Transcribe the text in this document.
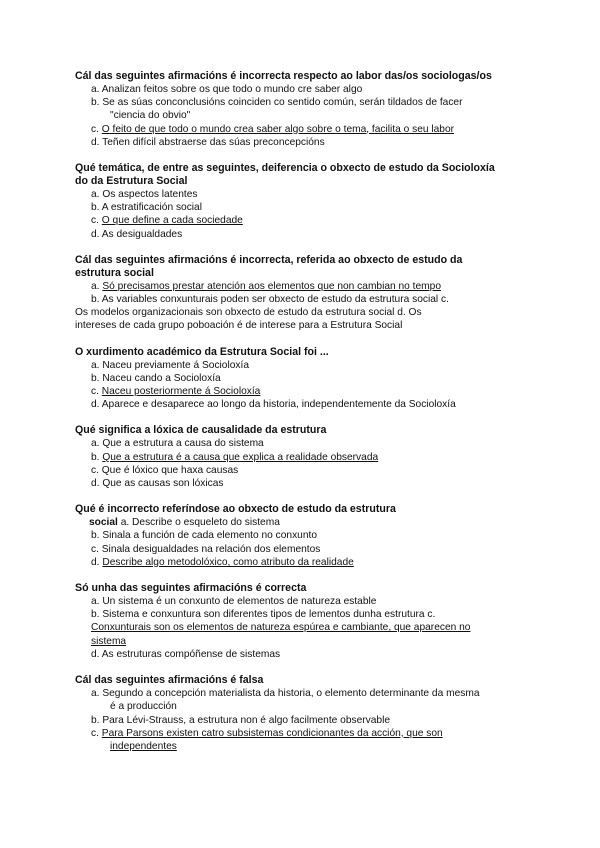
Cál das seguintes afirmacións é incorrecta respecto ao labor das/os sociologas/os

a. Analizan feitos sobre os que todo o mundo cre saber algo
b. Se as súas conconclusións coinciden co sentido común, serán tildados de facer
"ciencia do obvio"
c. O feito de que todo o mundo crea saber algo sobre o tema, facilita o seu labor
d. Teñen difícil abstraerse das súas preconcepcións

Qué temática, de entre as seguintes, deiferencia o obxecto de estudo da Socioloxía

do da Estrutura Social

a. Os aspectos latentes
b. A estratificación social
c. O que define a cada sociedade
d. As desigualdades

Cál das seguintes afirmacións é incorrecta, referida ao obxecto de estudo da

estrutura social

a. Só precisamos prestar atención aos elementos que non cambian no tempo
b. As variables conxunturais poden ser obxecto de estudo da estrutura social c.
Os modelos organizacionais son obxecto de estudo da estrutura social d. Os
intereses de cada grupo poboación é de interese para a Estrutura Social

O xurdimento académico da Estrutura Social foi ...

a. Naceu previamente á Socioloxía
b. Naceu cando a Socioloxía
c. Naceu posteriormente á Socioloxía
d. Aparece e desaparece ao longo da historia, independentemente da Socioloxía

Qué significa a lóxica de causalidade da estrutura

a. Que a estrutura a causa do sistema
b. Que a estrutura é a causa que explica a realidade observada
c. Que é lóxico que haxa causas
d. Que as causas son lóxicas

Qué é incorrecto referíndose ao obxecto de estudo da estrutura

social a. Describe o esqueleto do sistema
b. Sinala a función de cada elemento no conxunto
c. Sinala desigualdades na relación dos elementos
d. Describe algo metodolóxico, como atributo da realidade

Só unha das seguintes afirmacións é correcta

a. Un sistema é un conxunto de elementos de natureza estable
b. Sistema e conxuntura son diferentes tipos de lementos dunha estrutura c.
Conxunturais son os elementos de natureza espúrea e cambiante, que aparecen no
sistema
d. As estruturas compóñense de sistemas

Cál das seguintes afirmacións é falsa

a. Segundo a concepción materialista da historia, o elemento determinante da mesma
é a producción
b. Para Lévi-Strauss, a estrutura non é algo facilmente observable
c. Para Parsons existen catro subsistemas condicionantes da acción, que son
independentes
